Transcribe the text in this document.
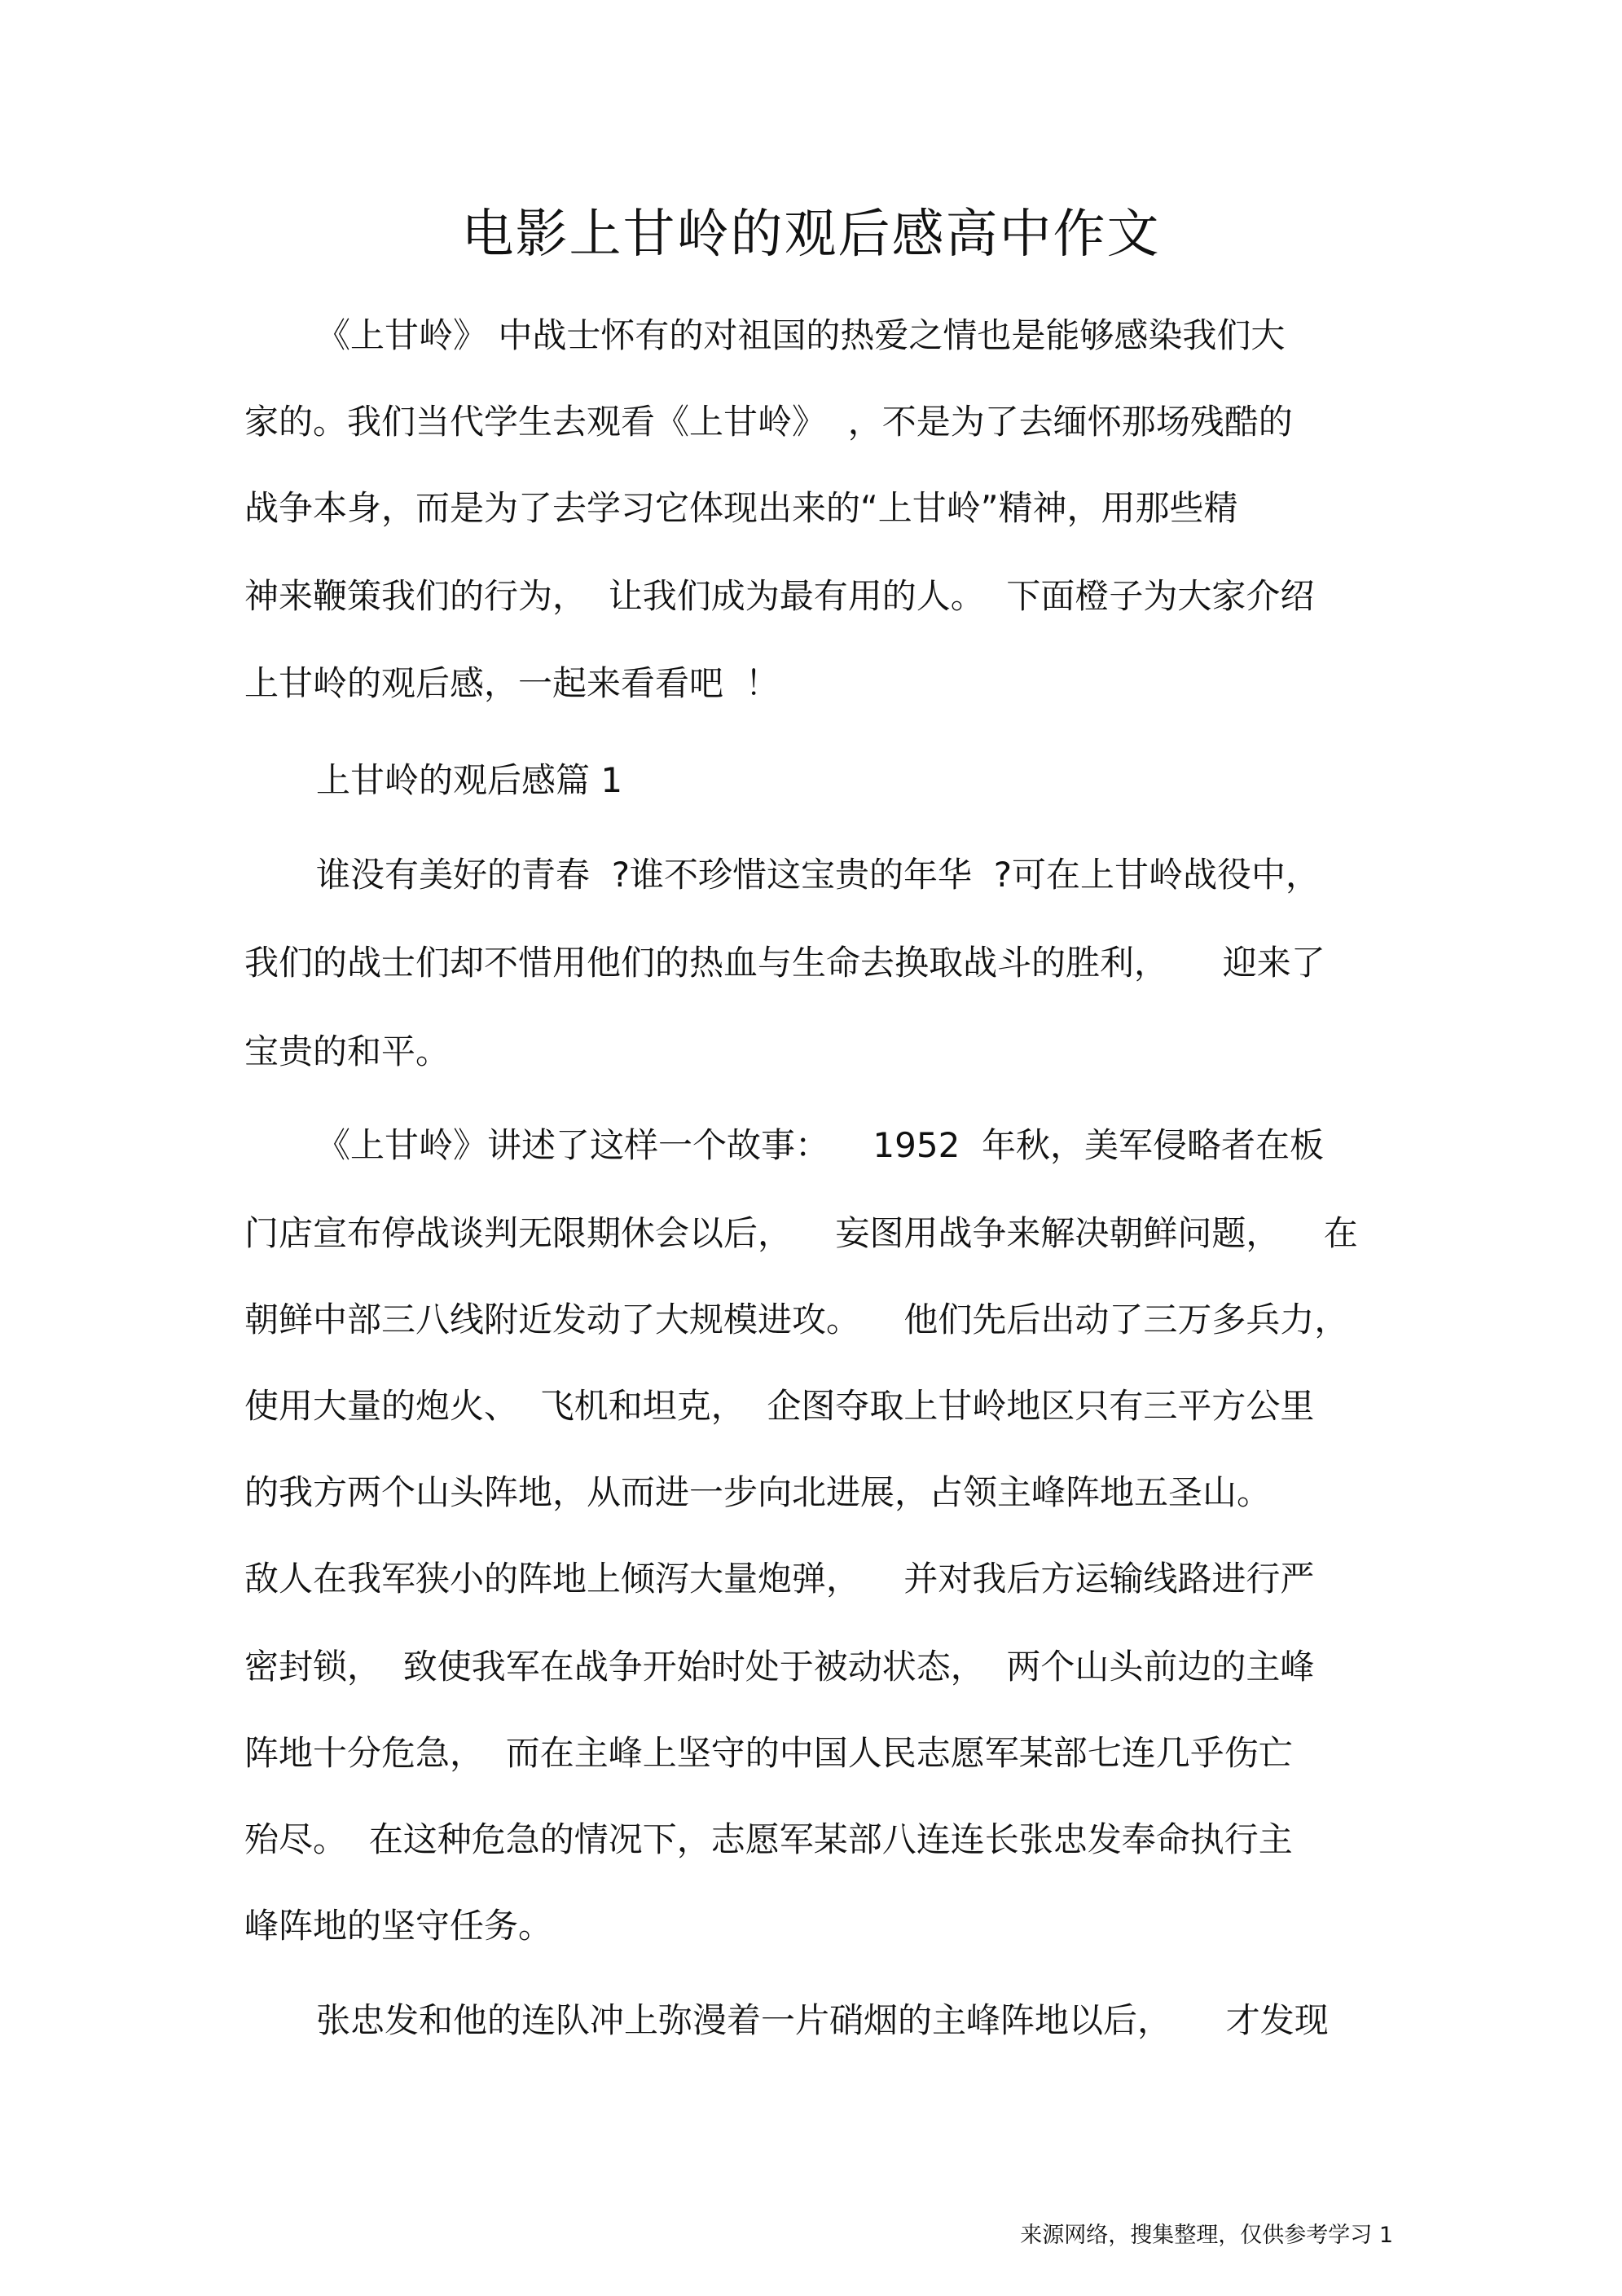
电影上甘岭的观后感高中作文
《上甘岭》 中战士怀有的对祖国的热爱之情也是能够感染我们大
家的。我们当代学生去观看《上甘岭》  ，不是为了去缅怀那场残酷的
战争本身，而是为了去学习它体现出来的“上甘岭”精神，用那些精
神来鞭策我们的行为，  让我们成为最有用的人。  下面橙子为大家介绍
上甘岭的观后感，一起来看看吧  ！
上甘岭的观后感篇 1
谁没有美好的青春  ?谁不珍惜这宝贵的年华  ?可在上甘岭战役中，
我们的战士们却不惜用他们的热血与生命去换取战斗的胜利，     迎来了
宝贵的和平。
《上甘岭》讲述了这样一个故事：    1952  年秋，美军侵略者在板
门店宣布停战谈判无限期休会以后，    妄图用战争来解决朝鲜问题，    在
朝鲜中部三八线附近发动了大规模进攻。    他们先后出动了三万多兵力，
使用大量的炮火、  飞机和坦克，  企图夺取上甘岭地区只有三平方公里
的我方两个山头阵地，从而进一步向北进展，占领主峰阵地五圣山。
敌人在我军狭小的阵地上倾泻大量炮弹，    并对我后方运输线路进行严
密封锁，  致使我军在战争开始时处于被动状态，  两个山头前边的主峰
阵地十分危急，  而在主峰上坚守的中国人民志愿军某部七连几乎伤亡
殆尽。  在这种危急的情况下，志愿军某部八连连长张忠发奉命执行主
峰阵地的坚守任务。
张忠发和他的连队冲上弥漫着一片硝烟的主峰阵地以后，     才发现
来源网络，搜集整理，仅供参考学习 1
